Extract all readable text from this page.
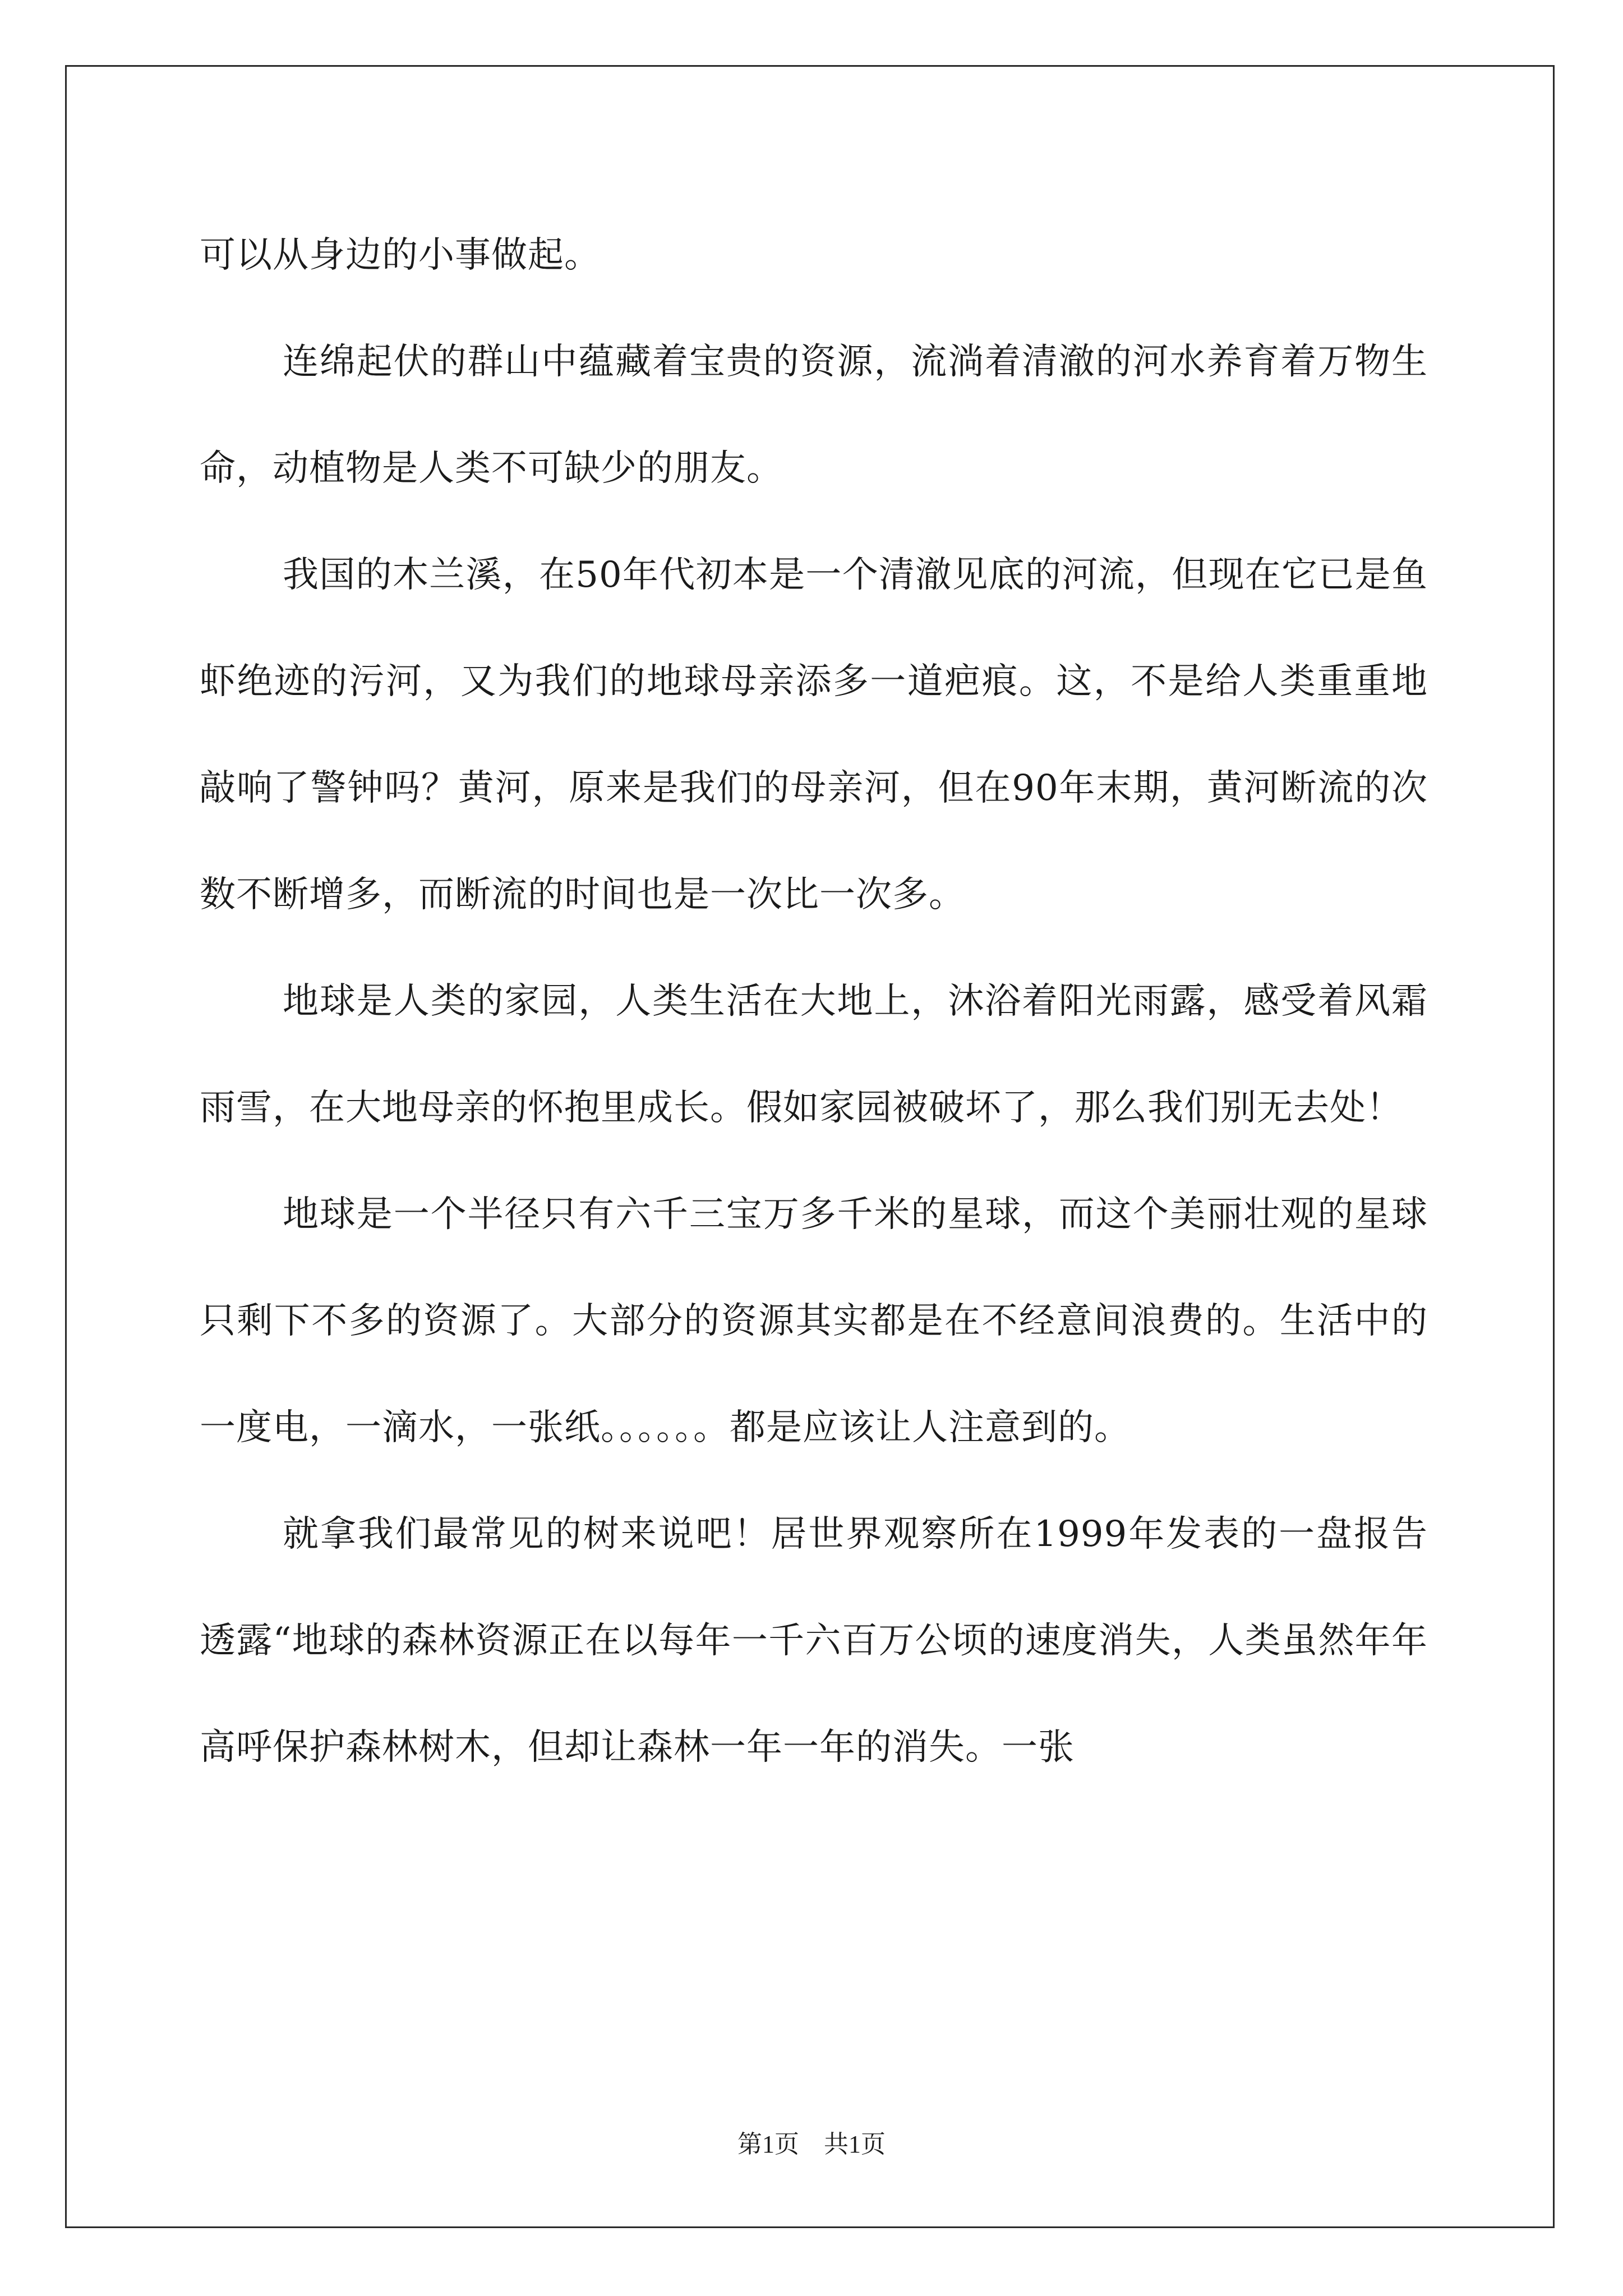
可以从身边的小事做起。

连绵起伏的群山中蕴藏着宝贵的资源，流淌着清澈的河水养育着万物生命，动植物是人类不可缺少的朋友。

我国的木兰溪，在50年代初本是一个清澈见底的河流，但现在它已是鱼虾绝迹的污河，又为我们的地球母亲添多一道疤痕。这，不是给人类重重地敲响了警钟吗？黄河，原来是我们的母亲河，但在90年末期，黄河断流的次数不断增多，而断流的时间也是一次比一次多。

地球是人类的家园，人类生活在大地上，沐浴着阳光雨露，感受着风霜雨雪，在大地母亲的怀抱里成长。假如家园被破坏了，那么我们别无去处！

地球是一个半径只有六千三宝万多千米的星球，而这个美丽壮观的星球只剩下不多的资源了。大部分的资源其实都是在不经意间浪费的。生活中的一度电，一滴水，一张纸。。。。。。都是应该让人注意到的。

就拿我们最常见的树来说吧！居世界观察所在1999年发表的一盘报告透露“地球的森林资源正在以每年一千六百万公顷的速度消失，人类虽然年年高呼保护森林树木，但却让森林一年一年的消失。一张

第1页　共1页
